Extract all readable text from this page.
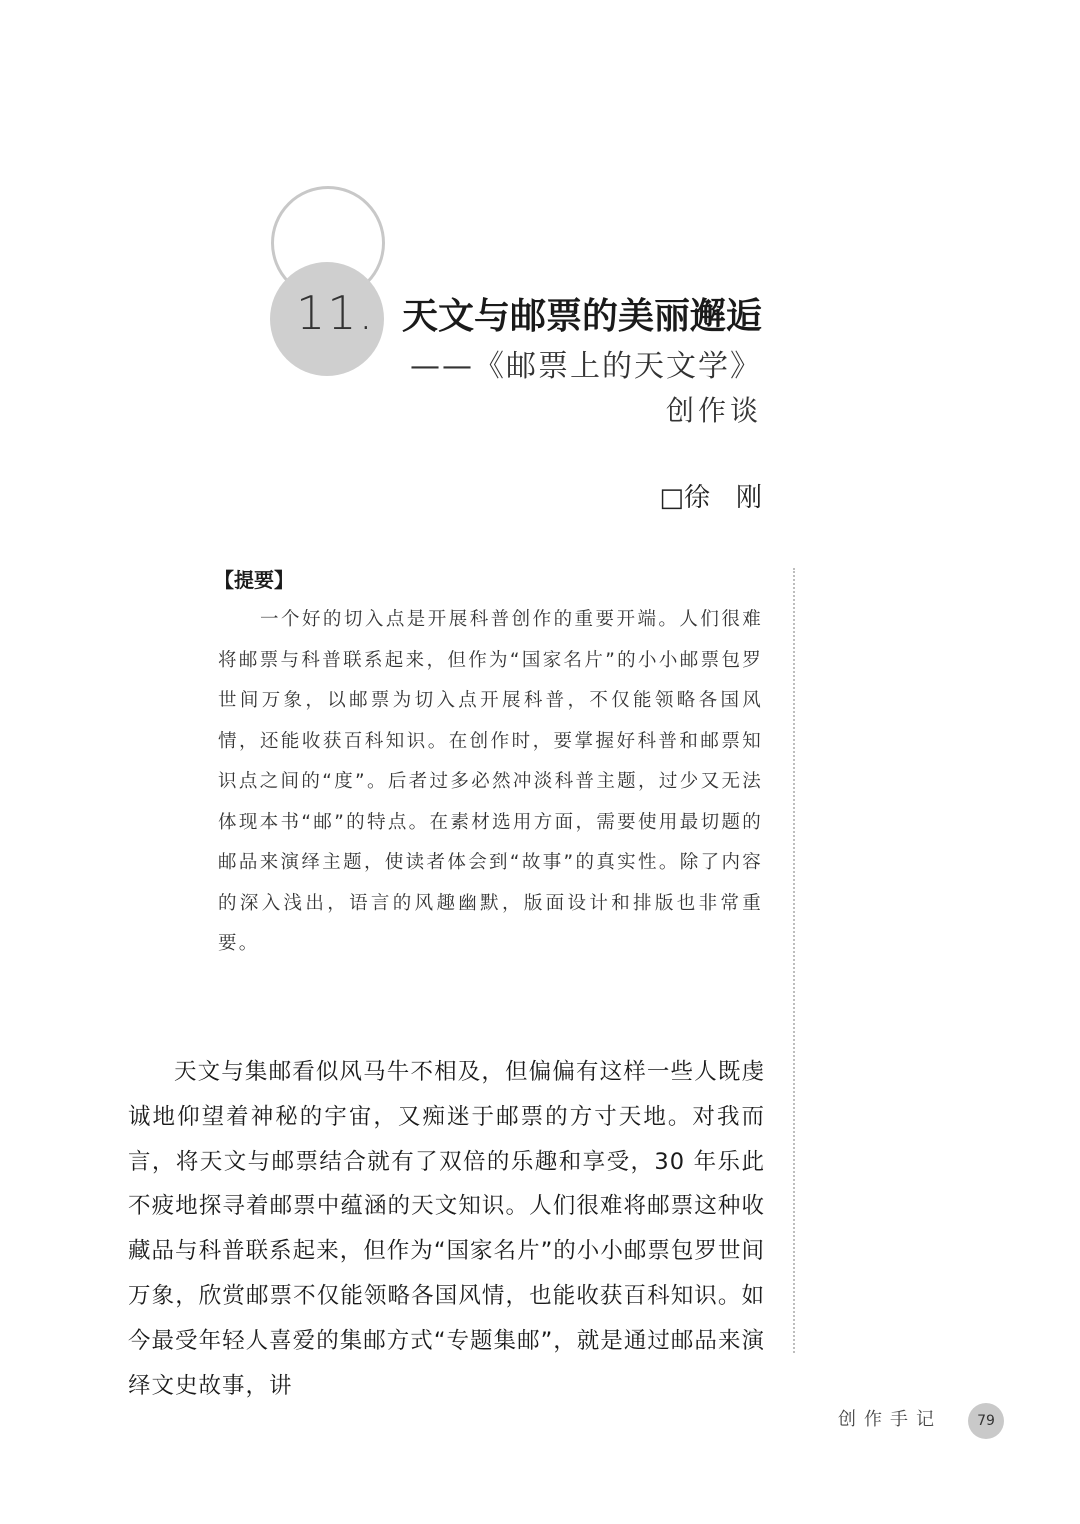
11. 天文与邮票的美丽邂逅
——《邮票上的天文学》
创作谈
□徐　刚
【提要】

一个好的切入点是开展科普创作的重要开端。人们很难将邮票与科普联系起来，但作为“国家名片”的小小邮票包罗世间万象，以邮票为切入点开展科普，不仅能领略各国风情，还能收获百科知识。在创作时，要掌握好科普和邮票知识点之间的“度”。后者过多必然冲淡科普主题，过少又无法体现本书“邮”的特点。在素材选用方面，需要使用最切题的邮品来演绎主题，使读者体会到“故事”的真实性。除了内容的深入浅出，语言的风趣幽默，版面设计和排版也非常重要。

天文与集邮看似风马牛不相及，但偏偏有这样一些人既虔诚地仰望着神秘的宇宙，又痴迷于邮票的方寸天地。对我而言，将天文与邮票结合就有了双倍的乐趣和享受，30 年乐此不疲地探寻着邮票中蕴涵的天文知识。人们很难将邮票这种收藏品与科普联系起来，但作为“国家名片”的小小邮票包罗世间万象，欣赏邮票不仅能领略各国风情，也能收获百科知识。如今最受年轻人喜爱的集邮方式“专题集邮”，就是通过邮品来演绎文史故事，讲

创作手记	79
